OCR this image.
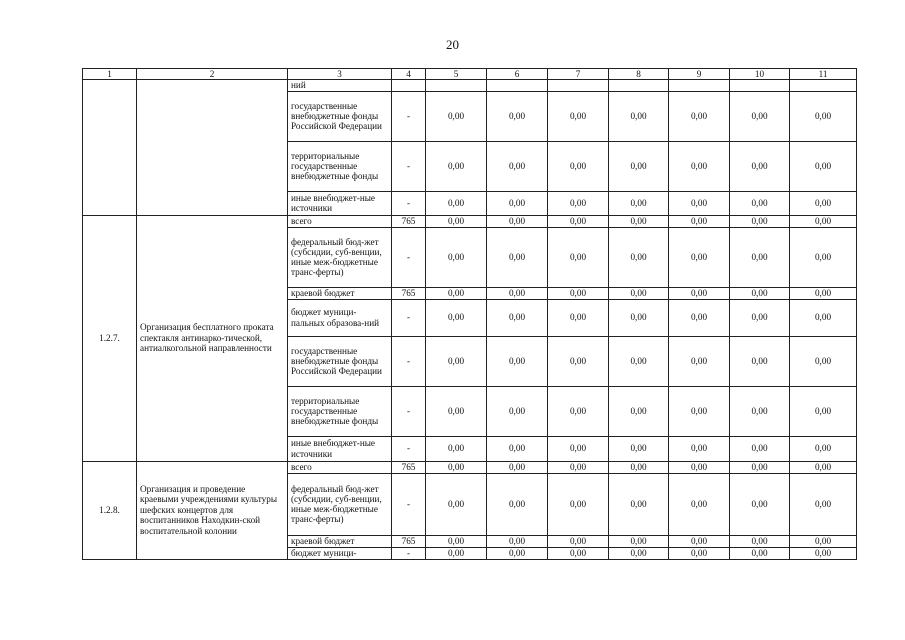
20
1	2	3	4	5	6	7	8	9	10	11
		ний								
		государственные внебюджетные фонды Российской Федерации	-	0,00	0,00	0,00	0,00	0,00	0,00	0,00
		территориальные государственные внебюджетные фонды	-	0,00	0,00	0,00	0,00	0,00	0,00	0,00
		иные внебюджет-ные источники	-	0,00	0,00	0,00	0,00	0,00	0,00	0,00
1.2.7.	Организация бесплатного проката спектакля антинарко-тической, антиалкогольной направленности	всего	765	0,00	0,00	0,00	0,00	0,00	0,00	0,00
		федеральный бюд-жет (субсидии, суб-венции, иные меж-бюджетные транс-ферты)	-	0,00	0,00	0,00	0,00	0,00	0,00	0,00
		краевой бюджет	765	0,00	0,00	0,00	0,00	0,00	0,00	0,00
		бюджет муници-пальных образова-ний	-	0,00	0,00	0,00	0,00	0,00	0,00	0,00
		государственные внебюджетные фонды Российской Федерации	-	0,00	0,00	0,00	0,00	0,00	0,00	0,00
		территориальные государственные внебюджетные фонды	-	0,00	0,00	0,00	0,00	0,00	0,00	0,00
		иные внебюджет-ные источники	-	0,00	0,00	0,00	0,00	0,00	0,00	0,00
1.2.8.	Организация и проведение краевыми учреждениями культуры шефских концертов для воспитанников Находкин-ской воспитательной колонии	всего	765	0,00	0,00	0,00	0,00	0,00	0,00	0,00
		федеральный бюд-жет (субсидии, суб-венции, иные меж-бюджетные транс-ферты)	-	0,00	0,00	0,00	0,00	0,00	0,00	0,00
		краевой бюджет	765	0,00	0,00	0,00	0,00	0,00	0,00	0,00
		бюджет муници-	-	0,00	0,00	0,00	0,00	0,00	0,00	0,00
